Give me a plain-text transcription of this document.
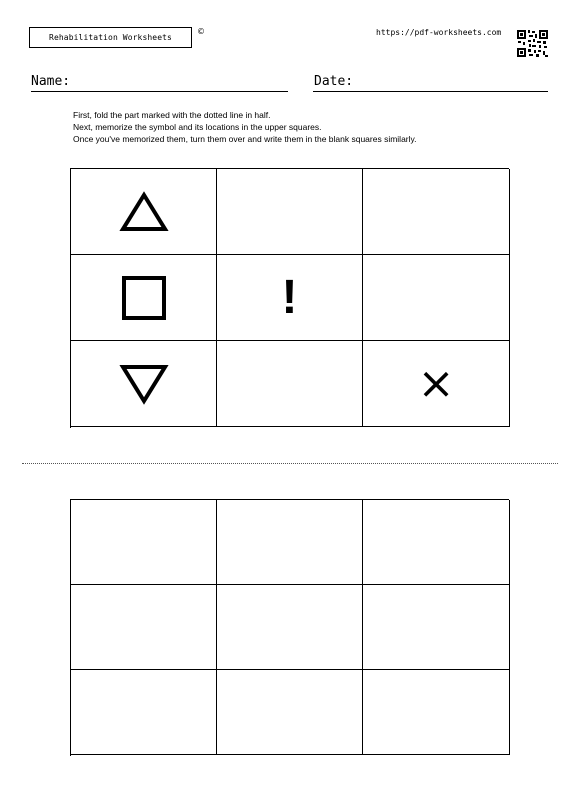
Rehabilitation Worksheets
©	https://pdf-worksheets.com
Name:	Date:
First, fold the part marked with the dotted line in half.
Next, memorize the symbol and its locations in the upper squares.
Once you've memorized them, turn them over and write them in the blank squares similarly.
!
×
